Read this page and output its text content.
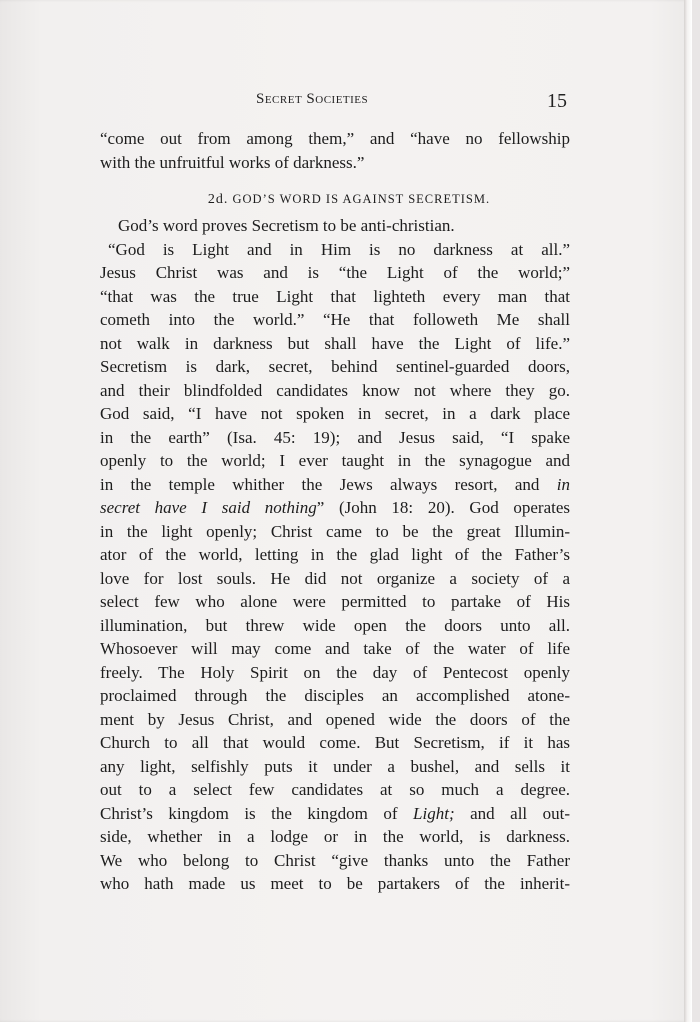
Secret Societies	15
“come out from among them,” and “have no fellowship
with the unfruitful works of darkness.”
2d. GOD’S WORD IS AGAINST SECRETISM.
God’s word proves Secretism to be anti-christian.
“God is Light and in Him is no darkness at all.”
Jesus Christ was and is “the Light of the world;”
“that was the true Light that lighteth every man that
cometh into the world.” “He that followeth Me shall
not walk in darkness but shall have the Light of life.”
Secretism is dark, secret, behind sentinel-guarded doors,
and their blindfolded candidates know not where they go.
God said, “I have not spoken in secret, in a dark place
in the earth” (Isa. 45: 19); and Jesus said, “I spake
openly to the world; I ever taught in the synagogue and
in the temple whither the Jews always resort, and in
secret have I said nothing” (John 18: 20). God operates
in the light openly; Christ came to be the great Illumin-
ator of the world, letting in the glad light of the Father’s
love for lost souls. He did not organize a society of a
select few who alone were permitted to partake of His
illumination, but threw wide open the doors unto all.
Whosoever will may come and take of the water of life
freely. The Holy Spirit on the day of Pentecost openly
proclaimed through the disciples an accomplished atone-
ment by Jesus Christ, and opened wide the doors of the
Church to all that would come. But Secretism, if it has
any light, selfishly puts it under a bushel, and sells it
out to a select few candidates at so much a degree.
Christ’s kingdom is the kingdom of Light; and all out-
side, whether in a lodge or in the world, is darkness.
We who belong to Christ “give thanks unto the Father
who hath made us meet to be partakers of the inherit-
